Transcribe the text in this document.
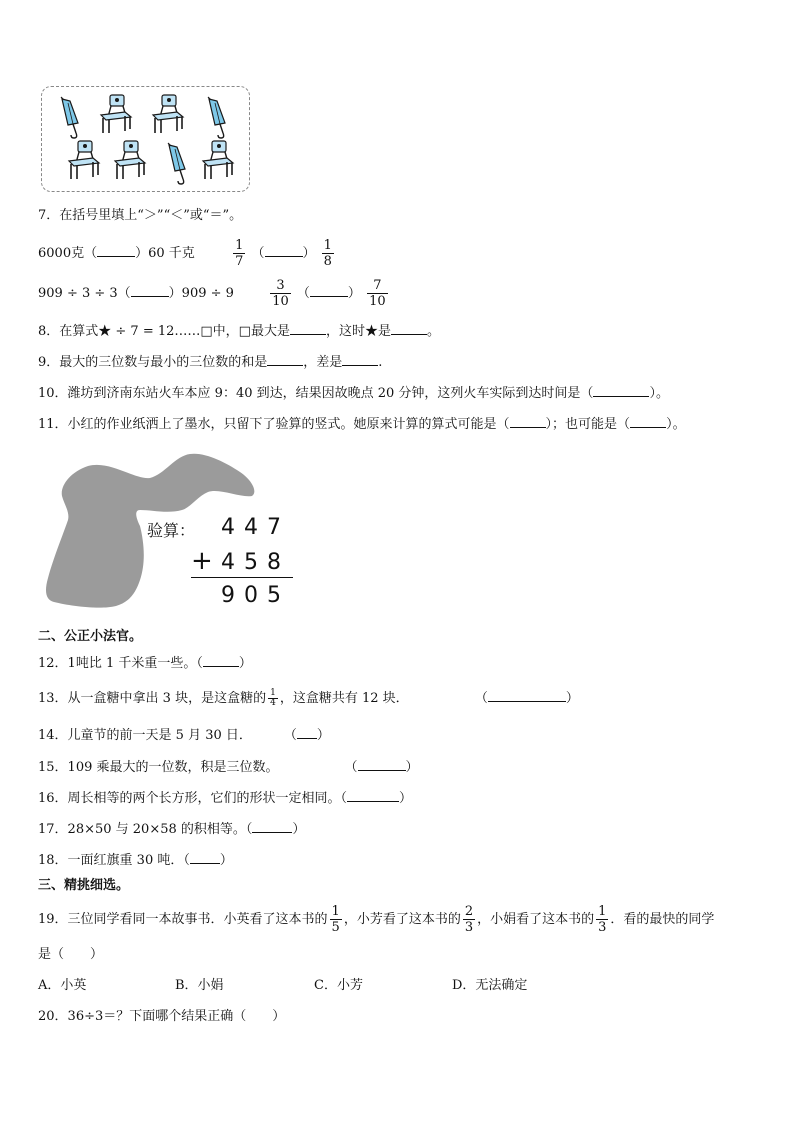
7．在括号里填上“＞”“＜”或“＝”。
6000克（	）60 千克	$\frac{1}{7}$ （	） $\frac{1}{8}$
909 ÷ 3 ÷ 3（	）909 ÷ 9	$\frac{3}{10}$ （	） $\frac{7}{10}$
8．在算式★ ÷ 7 = 12……□中，□最大是	，这时★是	。
9．最大的三位数与最小的三位数的和是	，差是	.
10．潍坊到济南东站火车本应 9：40 到达，结果因故晚点 20 分钟，这列火车实际到达时间是（	）。
11．小红的作业纸洒上了墨水，只留下了验算的竖式。她原来计算的算式可能是（	）；也可能是（	）。
验算： 4 4 7
+ 4 5 8
9 0 5
二、公正小法官。
12．1吨比 1 千米重一些。（	）
13．从一盒糖中拿出 3 块，是这盒糖的 $\frac{1}{4}$ ，这盒糖共有 12 块．	（	）
14．儿童节的前一天是 5 月 30 日． （ ）
15．109 乘最大的一位数，积是三位数。	（	）
16．周长相等的两个长方形，它们的形状一定相同。（	）
17．28×50 与 20×58 的积相等。（	）
18．一面红旗重 30 吨．（ ）
三、精挑细选。
19．三位同学看同一本故事书．小英看了这本书的 $\frac{1}{5}$ ，小芳看了这本书的 $\frac{2}{3}$ ，小娟看了这本书的 $\frac{1}{3}$ ．看的最快的同学
是（　　）
A．小英	B．小娟	C．小芳	D．无法确定
20．36÷3＝？下面哪个结果正确（　　）
